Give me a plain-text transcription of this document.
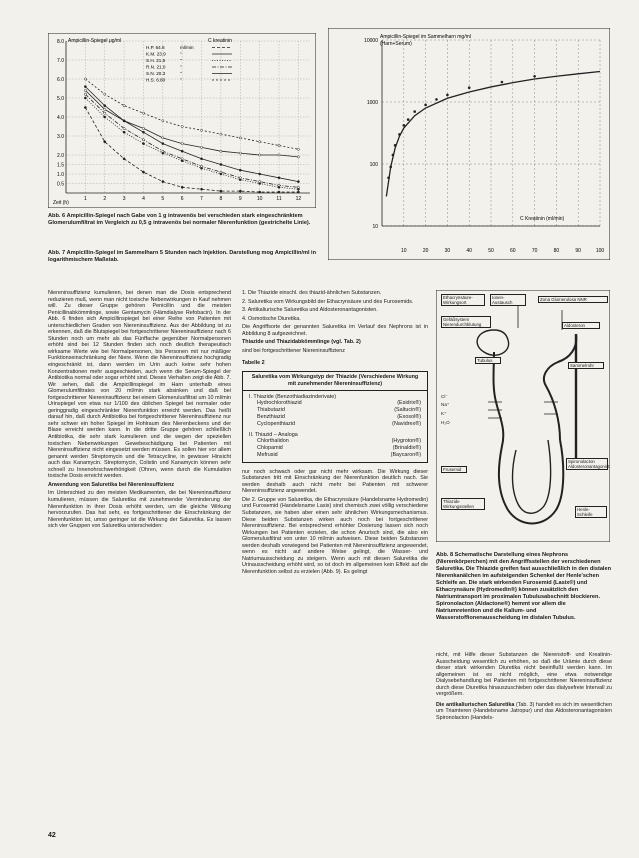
8.0
7.0
6.0
5.0
4.0
3.0
2.0
1.5
1.0
0.5
1	2	3	4	5	6	7	8	9	10	11	12
Ampicillin-Spiegel μg/ml	C kreatinin
H.P. 64.8	ml/min
K.M. 23.9	"
S.H. 21.5	"
R.N. 21.0	"
S.N. 20.3	"
H.S. 6.80	"
Zeit (h)
Abb. 6 Ampicillin-Spiegel nach Gabe von 1 g intravenös bei verschieden stark eingeschränktem Glomerulumfiltrat im Vergleich zu 0,5 g intravenös bei normaler Nierenfunktion (gestrichelte Linie).
Abb. 7 Ampicillin-Spiegel im Sammelharn 5 Stunden nach Injektion. Darstellung mog Ampicillin/ml in logarithmischem Maßstab.
10000
1000
100
10
10	20	30	40	50	60	70	80	90	100
Ampicillin-Spiegel im Sammelharn mg/ml
(Harn+Serum)
C Kreatinin (ml/min)

Niereninsuffizienz kumulieren, bei denen man die Dosis entsprechend reduzieren muß, wenn man nicht toxische Nebenwirkungen in Kauf nehmen will. Zu dieser Gruppe gehören Penicillin und die meisten Penicillinabkömmlinge, sowie Gentamycin (Hämdialyse Refobacin). In der Abb. 6 finden sich Ampicillinspiegel bei einer Reihe von Patienten mit unterschiedlichen Graden von Niereninsuffizienz. Aus der Abbildung ist zu erkennen, daß die Blutspiegel bei fortgeschrittener Niereninsuffizienz nach 6 Stunden noch um mehr als das Fünffache gegenüber Normalpersonen erhöht sind bei 12 Stunden finden sich noch deutlich therapeutisch wirksame Werte wie bei Normalpersonen, bis Personen mit nur mäßiger Funktionseinschränkung der Niere. Wenn die Niereninsuffizienz hochgradig eingeschränkt ist, dann werden im Urin auch keine sehr hohen Konzentrationen mehr ausgeschieden, auch wenn die Serum-Spiegel der Antibiotika normal oder sogar erhöht sind. Dieses Verhalten zeigt die Abb. 7. Wir sehen, daß die Ampicillinspiegel im Harn unterhalb eines Glomerulumfiltrates von 20 ml/min stark absinken und daß bei fortgeschrittener Niereninsuffizienz bei einem Glomerulusfiltrat um 10 ml/min Urinspiegel von etwa nur 1/100 des üblichen Spiegel bei normaler oder geringgradig eingeschränkter Nierenfunktion erreicht werden. Das heißt darauf hin, daß durch Antibiotika bei fortgeschrittener Niereninsuffizienz nur sehr schwer ein hoher Spiegel im Hohlraum des Nierenbeckens und der Blase erreicht werden kann. In die dritte Gruppe gehören schließlich Antibiotika, die sehr stark kumulieren und die wegen der speziellen toxischen Nebenwirkungen Gewebeschädigung bei Patienten mit Niereninsuffizienz nicht eingesetzt werden müssen. Es sollen hier vor allem genannt werden Streptomycin und die Tetracycline, in gewisser Hinsicht auch das Kanamycin. Streptomycin, Colistin und Kanamycin können sehr schnell zu Innenohrschwerhörigkeit (Ohren, wenn durch die Kumulation toxische Dosis erreicht werden.

Anwendung von Saluretika bei Niereninsuffizienz

Im Unterschied zu den meisten Medikamenten, die bei Niereninsuffizienz kumulieren, müssen die Saluretika mit zunehmender Verminderung der Nierenfunktion in ihrer Dosis erhöht werden, um die gleiche Wirkung hervorzurufen. Das hat sehr, es fortgeschrittener die Einschränkung der Nierenfunktion ist, umso geringer ist die Wirkung der Saluretika. Es lassen sich vier Gruppen von Saluretika unterscheiden:

1. Die Thiazide einschl. des thiazid-ähnlichen Substanzen.

2. Saluretika vom Wirkungsbild der Ethacrynsäure und des Furosemids.

3. Antikaliurische Saluretika und Aldosteronantagonisten.

4. Osmotische Diuretika.

Die Angriffsorte der genannten Saluretika im Verlauf des Nephrons ist in Abbildung 8 aufgezeichnet.

Thiazide und Thiazidabkömmlinge (vgl. Tab. 2)

sind bei fortgeschrittener Niereninsuffizienz

Tabelle 2

Saluretika vom Wirkungstyp der Thiazide (Verschiedene Wirkung mit zunehmender Niereninsuffizienz)
I. Thiazide (Benzothiadiazinderivate)
Hydrochlorothiazid	(Esidrix®)
Thiabutazid	(Saltucin®)
Benzthiazid	(Exosol®)
Cyclopenthiazid	(Navidrex®)
II. Thiazid – Analoga
Chlorthalidon	(Hygroton®)
Chlopamid	(Brinaldix®)
Mefrusid	(Baycaron®)

nur noch schwach oder gar nicht mehr wirksam. Die Wirkung dieser Substanzen tritt mit Einschränkung der Nierenfunktion deutlich nach. Sie werden deshalb auch nicht mehr bei Patienten mit schwerer Niereninsuffizienz angewendet.

Die 2. Gruppe von Saluretika, die Ethacrynsäure (Handelsname Hydromedin) und Furosemid (Handelsname Lasix) sind chemisch zwei völlig verschiedene Substanzen, sie haben aber einen sehr ähnlichen Wirkungsmechanismus. Diese beiden Substanzen wirken auch noch bei fortgeschrittener Niereninsuffizienz. Bei entsprechend erhöhter Dosierung lassen sich noch Wirkungen bei Patienten erzielen, die schon Anurisch sind, die also ein Glomerulusfiltrat von unter 10 ml/min aufweisen. Diese beiden Substanzen werden deshalb vorwiegend bei Patienten mit Niereninsuffizienz angewendet, wenn es nicht auf andere Weise gelingt, die Wasser- und Natriumausscheidung zu steigern. Wenn auch mit diesen Saluretika die Urinausscheidung erhöht wird, so ist doch im allgemeinen kein Effekt auf die Nierenfunktion selbst zu erzielen (Abb. 9). Es gelingt

Ethacrynsäure-Wirkungsort
Ionen-Austausch
Zona Glomerulosa NNR
Gefäßsystem Nierendurchblutung	Aldosteron
Tubulus
Sammelrohr
Cl⁻
Na⁺
K⁺
H₂O
Frusemid
Spironolacton Aldosteronantagonist
Thiazide Wirkungsstellen
Henle-Schleife
Abb. 8 Schematische Darstellung eines Nephrons (Nierenkörperchen) mit den Angriffsstellen der verschiedenen Saluretika. Die Thiazide greifen fast ausschließlich in den distalen Nierenkanälchen im aufsteigenden Schenkel der Henle'schen Schleife an. Die stark wirkenden Furosemid (Lasix®) und Ethacrynsäure (Hydromedin®) können zusätzlich den Natriumtransport im proximalen Tubulusabschnitt blockieren. Spironolacton (Aldactone®) hemmt vor allem die Natriumretention und die Kalium- und Wasserstoffionenausscheidung im distalen Tubulus.

nicht, mit Hilfe dieser Substanzen die Nierenstoff- und Kreatinin-Ausscheidung wesentlich zu erhöhen, so daß die Urämie durch diese dieser stark wirkenden Diuretika nicht beeinflußt werden kann. Im allgemeinen ist es nicht möglich, eine etwa notwendige Dialysebehandlung bei Patienten mit fortgeschrittener Niereninsuffizienz durch diese Diuretika hinauszuschieben oder das dialysefreie Intervall zu vergrößern.

Die antikaliurischen Saluretika (Tab. 3) handelt es sich im wesentlichen um Triamteren (Handelsname Jatropur) und das Aldosteronantagonisten Spironolacton (Handels-

42
